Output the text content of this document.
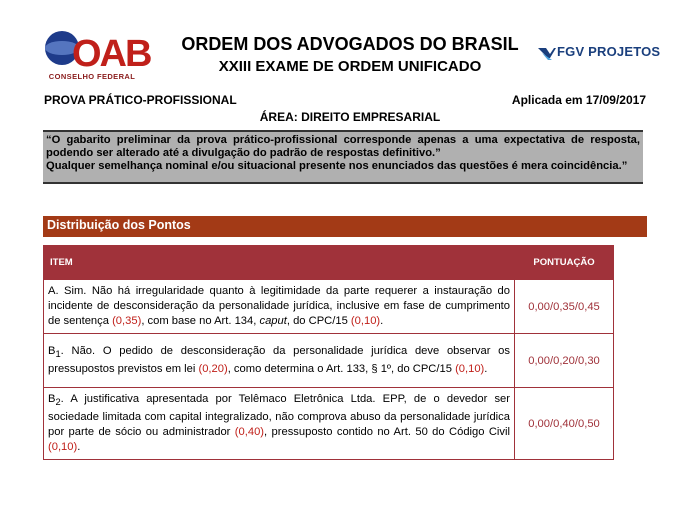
OAB
CONSELHO FEDERAL
ORDEM DOS ADVOGADOS DO BRASIL
XXIII EXAME DE ORDEM UNIFICADO
FGV PROJETOS
PROVA PRÁTICO-PROFISSIONAL	Aplicada em 17/09/2017
ÁREA: DIREITO EMPRESARIAL

“O gabarito preliminar da prova prático-profissional corresponde apenas a uma expectativa de resposta, podendo ser alterado até a divulgação do padrão de respostas definitivo.”

Qualquer semelhança nominal e/ou situacional presente nos enunciados das questões é mera coincidência.”

Distribuição dos Pontos
ITEM	PONTUAÇÃO
A. Sim. Não há irregularidade quanto à legitimidade da parte requerer a instauração do incidente de desconsideração da personalidade jurídica, inclusive em fase de cumprimento de sentença (0,35), com base no Art. 134, caput, do CPC/15 (0,10).	0,00/0,35/0,45
$B_1$. Não. O pedido de desconsideração da personalidade jurídica deve observar os pressupostos previstos em lei (0,20), como determina o Art. 133, § 1º, do CPC/15 (0,10).	0,00/0,20/0,30
$B_2$. A justificativa apresentada por Telêmaco Eletrônica Ltda. EPP, de o devedor ser sociedade limitada com capital integralizado, não comprova abuso da personalidade jurídica por parte de sócio ou administrador (0,40), pressuposto contido no Art. 50 do Código Civil (0,10).	0,00/0,40/0,50
